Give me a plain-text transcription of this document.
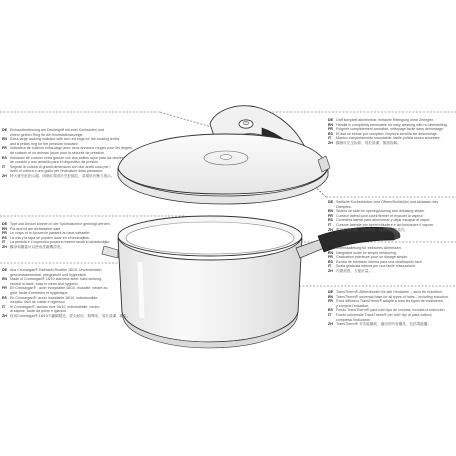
DE Einhandbedienung am Deckelgriff mit zwei Kochstufen und
einem gelben Ring für die Kochstufenanzeige.
EN Extra-large cooking indicator with two red rings for the cooking levels
and a yellow ring for the pressure indicator.
FR Indicateur de cuisson extra-large avec deux anneaux rouges pour les degrés
de cuisson et un anneau jaune pour la sécurité de pression.
ES Indicador de cocción extra grande con dos anillos rojos para los niveles
de cocción y uno amarillo para el dispositivo de presión.
IT	Segnali di cottura di grandi dimensioni con due anelli rossi per i
livelli di cottura e uno giallo per l'indicatore della pressione.
ZH 特大號烹飪指示器，兩個紅環用於烹飪檔位，黃環用於壓力指示。
DE Topf und Deckel können in der Spülmaschine gereinigt werden.
EN Pot and lid are dishwasher-safe.
FR Le corps et le couvercle passent au lave-vaisselle.
ES La olla y la tapa se pueden lavar en el lavavajillas.
IT	La pentola e il coperchio possono essere lavati in lavastoviglie.
ZH 鍋身和鍋蓋可以使用洗碗機清洗。
DE Aus Cromargan® Edelstahl Rostfrei 18/10: Unverwüstlich,
geschmacksneutral, pflegeleicht und hygienisch.
EN Made of Cromargan® 18/10 stainless steel: hard-wearing,
neutral in taste, easy to clean and hygienic.
FR En Cromargan® : acier inoxydable 18/10, inusable, neutre au
goût, facile d'entretien et hygiénique.
ES En Cromargan®: acero inoxidable 18/10, indestructible,
insípido, fácil de cuidar e higiénico.
IT	In Cromargan®: acciaio inox 18/10, indistruttibile, neutro
al sapore, facile da pulire e igienico.
ZH 採用Cromargan® 18/10不鏽鋼製造，經久耐用、無異味、易於清潔、衛生。
DE Griff komplett abnehmbar, einfache Reinigung ohne Zerlegen.
EN Handle is completely removable for easy cleaning with no dismantling.
FR Poignée complètement amovible, nettoyage facile sans démontage.
ES El asa se extrae por completo, limpieza sencilla sin desmontaje.
IT	Manico completamente smontabile, facile pulizia senza smontare.
ZH 鍋柄可完全拆卸，易於清潔，無需拆解。
DE Seitliche Kochschieber zum Öffnen/Schließen und Ablassen des
Dampfes.
EN Sliders on side for opening/closing and releasing steam.
FR Curseur latéral pour ouvrir/fermer et évacuer la vapeur.
ES Corredera lateral para abrir/cerrar y dejar escapar el vapor.
IT	Cursore laterale per aprire/chiudere e far fuoriuscire il vapore.
ZH 側面滑動開關，用於開啟／關閉及釋放蒸汽。
DE Innenskalierung für einfaches Abmessen.
EN Integrated scale for simple measuring.
FR Graduation intérieure pour un dosage simple.
ES Escala de medición interna para una dosificación fácil.
IT	Scala graduata interna per una facile misurazione.
ZH 內置刻度，方便計量。
DE TransTherm®-Allherdboden für alle Herdarten – auch für Induktion.
EN TransTherm® universal base for all types of hobs – including induction.
FR Fond diffuseur TransTherm® adapté à tous les types de cuisinières,
y compris l'induction.
ES Fondo TransTherm® para todo tipo de cocinas, incluida la inducción.
IT	Fondo universale TransTherm® per tutti i tipi di piani cottura,
compresa l'induzione.
ZH TransTherm® 多功能鍋底，適用於所有爐具，包括電磁爐。
